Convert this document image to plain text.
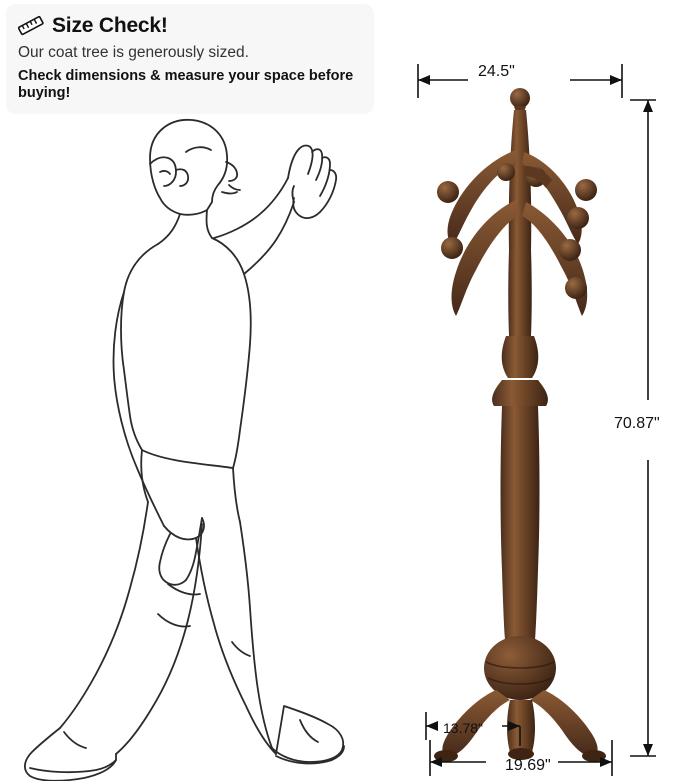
Size Check!
Our coat tree is generously sized.
Check dimensions & measure your space before buying!
24.5"
70.87"
13.78"
19.69"
